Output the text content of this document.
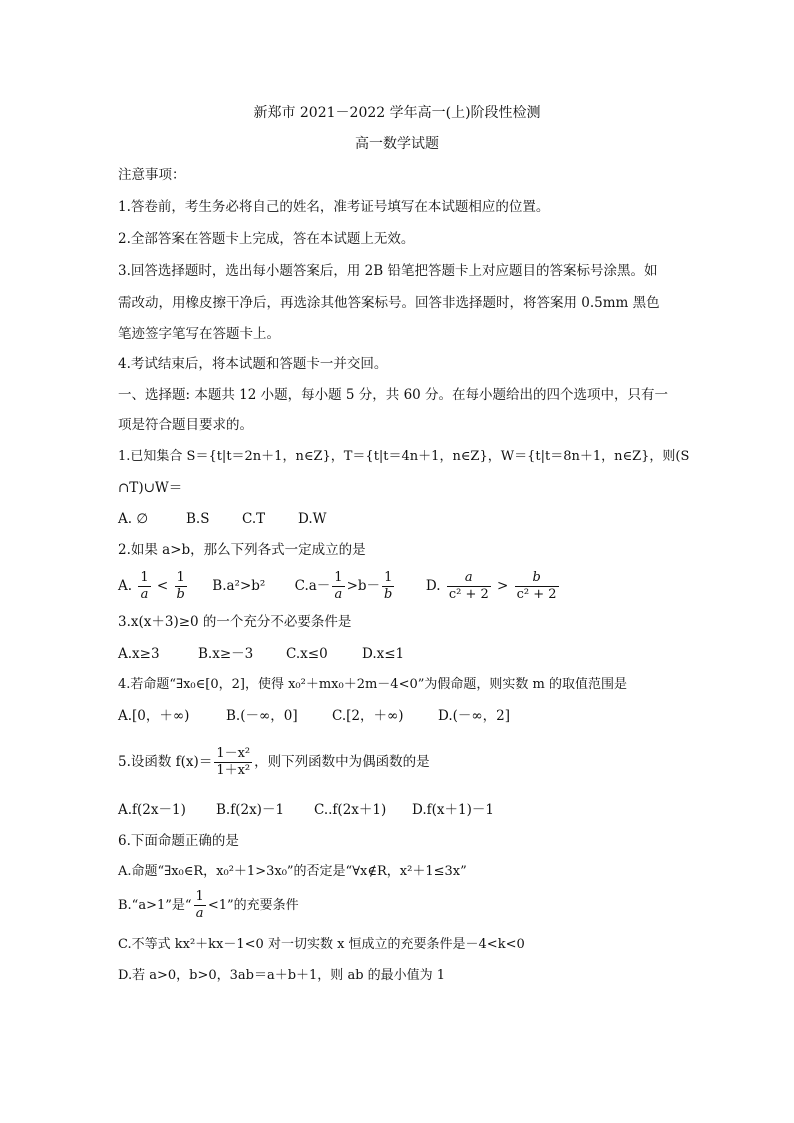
新郑市 2021－2022 学年高一(上)阶段性检测
高一数学试题
注意事项：
1.答卷前，考生务必将自己的姓名，准考证号填写在本试题相应的位置。
2.全部答案在答题卡上完成，答在本试题上无效。
3.回答选择题时，选出每小题答案后，用 2B 铅笔把答题卡上对应题目的答案标号涂黑。如
需改动，用橡皮擦干净后，再选涂其他答案标号。回答非选择题时，将答案用 0.5mm 黑色
笔迹签字笔写在答题卡上。
4.考试结束后，将本试题和答题卡一并交回。
一、选择题: 本题共 12 小题，每小题 5 分，共 60 分。在每小题给出的四个选项中，只有一
项是符合题目要求的。
1.已知集合 S＝{t|t＝2n＋1，n∈Z}，T＝{t|t＝4n＋1，n∈Z}，W＝{t|t＝8n＋1，n∈Z}，则(S
∩T)∪W＝
A. ∅	B.S C.T D.W
2.如果 a>b，那么下列各式一定成立的是
A. $\frac{1}{a} < \frac{1}{b} B.a^2>b^2$ $C.a- \frac{1}{a} >b- \frac{1}{b} D$. $\frac{a}{\text{c² + 2}} > \frac{b}{\text{c² + 2}}$
3.x(x＋3)≥0 的一个充分不必要条件是
A.x≥3	B.x≥－3 C.x≤0	D.x≤1
4.若命题“∃x₀∈[0，2]，使得 x₀²＋mx₀＋2m－4<0”为假命题，则实数 m 的取值范围是
A.[0，＋∞)	B.(－∞，0]	C.[2，＋∞)	D.(－∞，2]
5.设函数 $f(x)= \frac{\text{1－x²}}{\text{1＋x²}}$ ，则下列函数中为偶函数的是
A.f(2x－1) B.f(2x)－1 C..f(2x＋1) D.f(x＋1)－1
6.下面命题正确的是
A.命题“∃x₀∈R，x₀²＋1>3x₀”的否定是“∀x∉R，x²＋1≤3x”
B.“a>1”是“ $\frac{1}{a} <1$”的充要条件
C.不等式 kx²＋kx－1<0 对一切实数 x 恒成立的充要条件是－4<k<0
D.若 a>0，b>0，3ab＝a＋b＋1，则 ab 的最小值为 1
